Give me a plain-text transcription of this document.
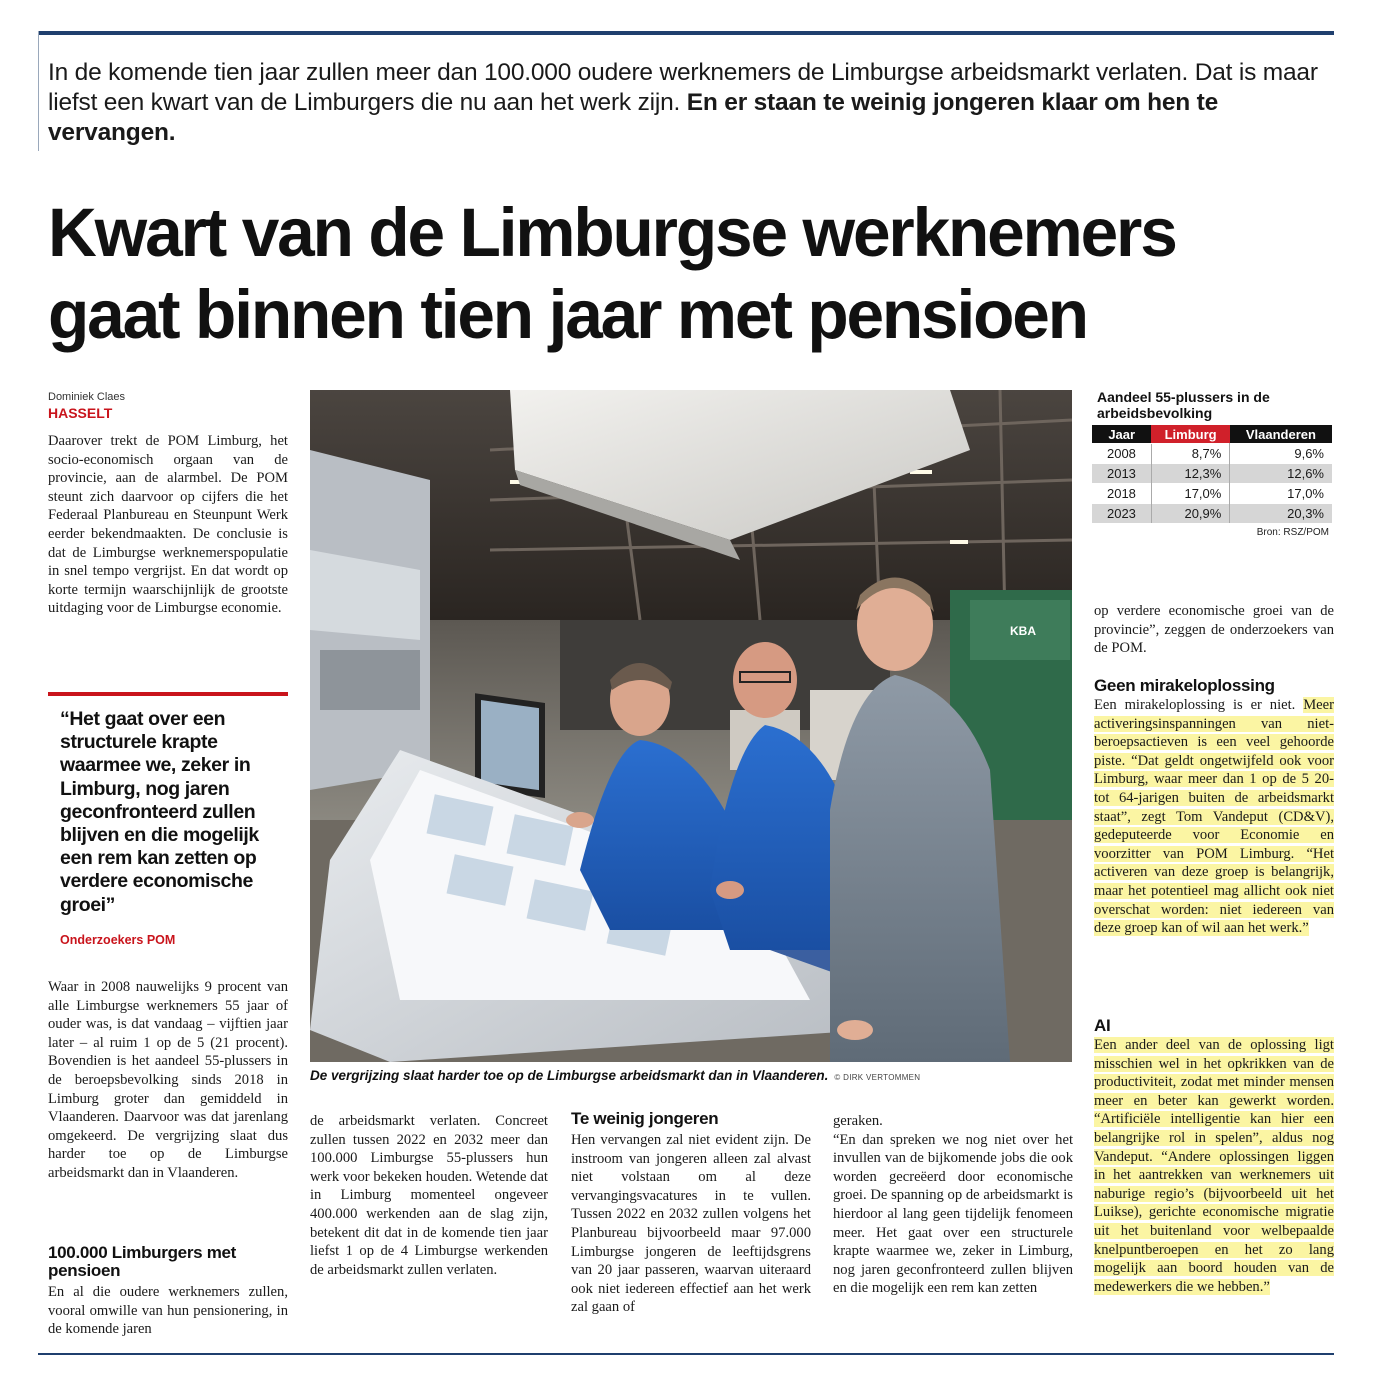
In de komende tien jaar zullen meer dan 100.000 oudere werknemers de Limburgse arbeidsmarkt verlaten. Dat is maar liefst een kwart van de Limburgers die nu aan het werk zijn. En er staan te weinig jongeren klaar om hen te vervangen.
Kwart van de Limburgse werknemers gaat binnen tien jaar met pensioen
Dominiek Claes
HASSELT
Daarover trekt de POM Limburg, het socio-economisch orgaan van de provincie, aan de alarmbel. De POM steunt zich daarvoor op cijfers die het Federaal Planbureau en Steunpunt Werk eerder bekendmaakten. De conclusie is dat de Limburgse werknemerspopulatie in snel tempo vergrijst. En dat wordt op korte termijn waarschijnlijk de grootste uitdaging voor de Limburgse economie.
“Het gaat over een structurele krapte waarmee we, zeker in Limburg, nog jaren geconfronteerd zullen blijven en die mogelijk een rem kan zetten op verdere economische groei”
Onderzoekers POM
Waar in 2008 nauwelijks 9 procent van alle Limburgse werknemers 55 jaar of ouder was, is dat vandaag – vijftien jaar later – al ruim 1 op de 5 (21 procent). Bovendien is het aandeel 55-plussers in de beroepsbevolking sinds 2018 in Limburg groter dan gemiddeld in Vlaanderen. Daarvoor was dat jarenlang omgekeerd. De vergrijzing slaat dus harder toe op de Limburgse arbeidsmarkt dan in Vlaanderen.
100.000 Limburgers met pensioen
En al die oudere werknemers zullen, vooral omwille van hun pensionering, in de komende jaren
KBA
De vergrijzing slaat harder toe op de Limburgse arbeidsmarkt dan in Vlaanderen. © DIRK VERTOMMEN
de arbeidsmarkt verlaten. Concreet zullen tussen 2022 en 2032 meer dan 100.000 Limburgse 55-plussers hun werk voor bekeken houden. Wetende dat in Limburg momenteel ongeveer 400.000 werkenden aan de slag zijn, betekent dit dat in de komende tien jaar liefst 1 op de 4 Limburgse werkenden de arbeidsmarkt zullen verlaten.
Te weinig jongeren
Hen vervangen zal niet evident zijn. De instroom van jongeren alleen zal alvast niet volstaan om al deze vervangingsvacatures in te vullen. Tussen 2022 en 2032 zullen volgens het Planbureau bijvoorbeeld maar 97.000 Limburgse jongeren de leeftijdsgrens van 20 jaar passeren, waarvan uiteraard ook niet iedereen effectief aan het werk zal gaan of
geraken.
“En dan spreken we nog niet over het invullen van de bijkomende jobs die ook worden gecreëerd door economische groei. De spanning op de arbeidsmarkt is hierdoor al lang geen tijdelijk fenomeen meer. Het gaat over een structurele krapte waarmee we, zeker in Limburg, nog jaren geconfronteerd zullen blijven en die mogelijk een rem kan zetten
Aandeel 55-plussers in de arbeidsbevolking
Jaar	Limburg	Vlaanderen
2008	8,7%	9,6%
2013	12,3%	12,6%
2018	17,0%	17,0%
2023	20,9%	20,3%
Bron: RSZ/POM
op verdere economische groei van de provincie”, zeggen de onderzoekers van de POM.
Geen mirakeloplossing
Een mirakeloplossing is er niet. Meer activeringsinspanningen van niet-beroepsactieven is een veel gehoorde piste. “Dat geldt ongetwijfeld ook voor Limburg, waar meer dan 1 op de 5 20- tot 64-jarigen buiten de arbeidsmarkt staat”, zegt Tom Vandeput (CD&V), gedeputeerde voor Economie en voorzitter van POM Limburg. “Het activeren van deze groep is belangrijk, maar het potentieel mag allicht ook niet overschat worden: niet iedereen van deze groep kan of wil aan het werk.”
AI
Een ander deel van de oplossing ligt misschien wel in het opkrikken van de productiviteit, zodat met minder mensen meer en beter kan gewerkt worden. “Artificiële intelligentie kan hier een belangrijke rol in spelen”, aldus nog Vandeput. “Andere oplossingen liggen in het aantrekken van werknemers uit naburige regio’s (bijvoorbeeld uit het Luikse), gerichte economische migratie uit het buitenland voor welbepaalde knelpuntberoepen en het zo lang mogelijk aan boord houden van de medewerkers die we hebben.”
